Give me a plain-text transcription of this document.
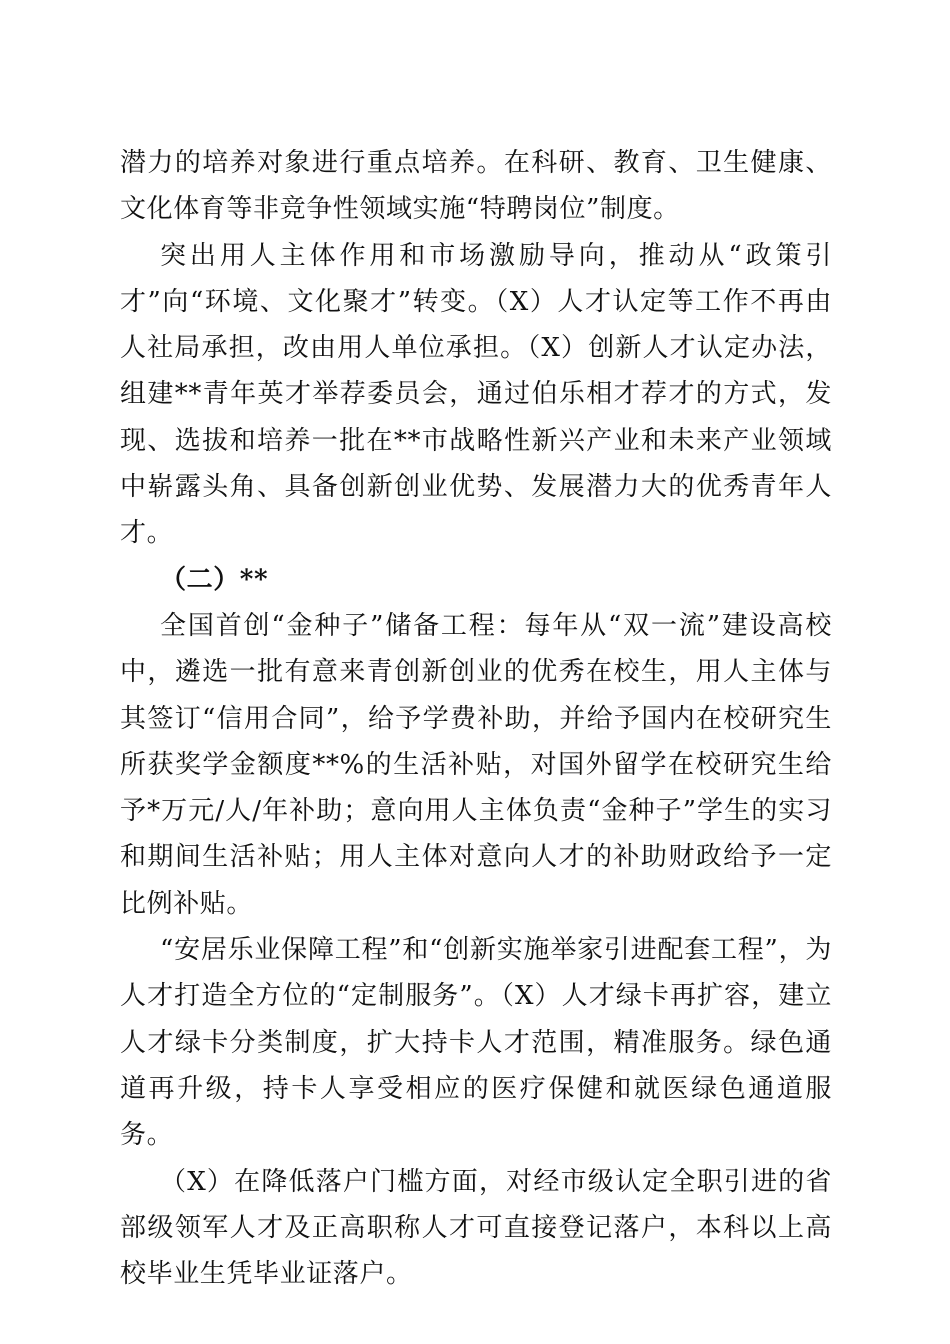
潜力的培养对象进行重点培养。在科研、教育、卫生健康、文化体育等非竞争性领域实施“特聘岗位”制度。

突出用人主体作用和市场激励导向，推动从“政策引才”向“环境、文化聚才”转变。（X）人才认定等工作不再由人社局承担，改由用人单位承担。（X）创新人才认定办法，组建**青年英才举荐委员会，通过伯乐相才荐才的方式，发现、选拔和培养一批在**市战略性新兴产业和未来产业领域中崭露头角、具备创新创业优势、发展潜力大的优秀青年人才。

（二）**

全国首创“金种子”储备工程：每年从“双一流”建设高校中，遴选一批有意来青创新创业的优秀在校生，用人主体与其签订“信用合同”，给予学费补助，并给予国内在校研究生所获奖学金额度**%的生活补贴，对国外留学在校研究生给予*万元/人/年补助；意向用人主体负责“金种子”学生的实习和期间生活补贴；用人主体对意向人才的补助财政给予一定比例补贴。

“安居乐业保障工程”和“创新实施举家引进配套工程”，为人才打造全方位的“定制服务”。（X）人才绿卡再扩容，建立人才绿卡分类制度，扩大持卡人才范围，精准服务。绿色通道再升级，持卡人享受相应的医疗保健和就医绿色通道服务。

（X）在降低落户门槛方面，对经市级认定全职引进的省部级领军人才及正高职称人才可直接登记落户，本科以上高校毕业生凭毕业证落户。
